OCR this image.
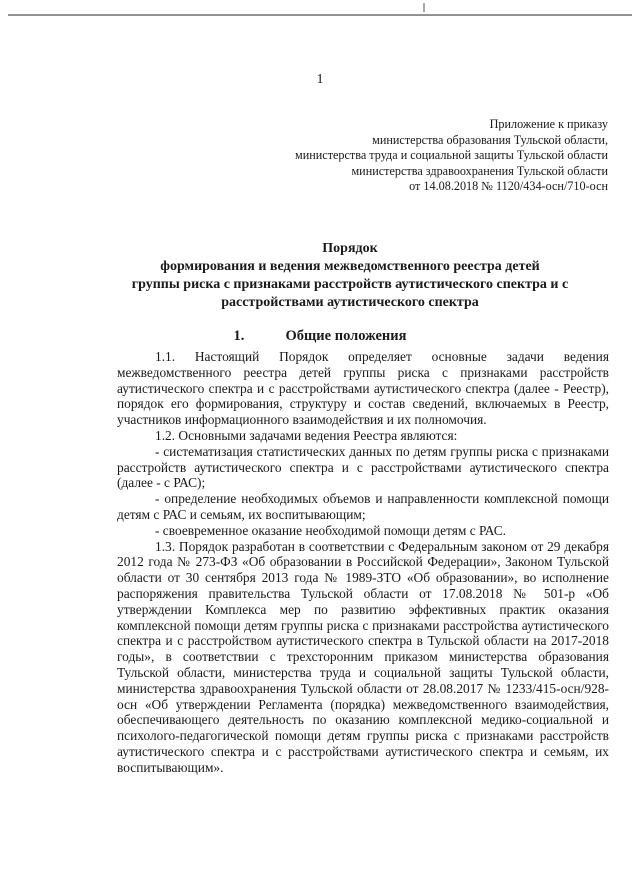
1
Приложение к приказу
министерства образования Тульской области,
министерства труда и социальной защиты Тульской области
министерства здравоохранения Тульской области
от 14.08.2018 № 1120/434-осн/710-осн
Порядок
формирования и ведения межведомственного реестра детей
группы риска с признаками расстройств аутистического спектра и с
расстройствами аутистического спектра
1.	Общие положения

1.1. Настоящий Порядок определяет основные задачи ведения межведомственного реестра детей группы риска с признаками расстройств аутистического спектра и с расстройствами аутистического спектра (далее - Реестр), порядок его формирования, структуру и состав сведений, включаемых в Реестр, участников информационного взаимодействия и их полномочия.

1.2. Основными задачами ведения Реестра являются:

- систематизация статистических данных по детям группы риска с признаками расстройств аутистического спектра и с расстройствами аутистического спектра (далее - с РАС);

- определение необходимых объемов и направленности комплексной помощи детям с РАС и семьям, их воспитывающим;

- своевременное оказание необходимой помощи детям с РАС.

1.3. Порядок разработан в соответствии с Федеральным законом от 29 декабря 2012 года № 273-ФЗ «Об образовании в Российской Федерации», Законом Тульской области от 30 сентября 2013 года № 1989-ЗТО «Об образовании», во исполнение распоряжения правительства Тульской области от 17.08.2018 № 501-р «Об утверждении Комплекса мер по развитию эффективных практик оказания комплексной помощи детям группы риска с признаками расстройства аутистического спектра и с расстройством аутистического спектра в Тульской области на 2017-2018 годы», в соответствии с трехсторонним приказом министерства образования Тульской области, министерства труда и социальной защиты Тульской области, министерства здравоохранения Тульской области от 28.08.2017 № 1233/415-осн/928-осн «Об утверждении Регламента (порядка) межведомственного взаимодействия, обеспечивающего деятельность по оказанию комплексной медико-социальной и психолого-педагогической помощи детям группы риска с признаками расстройств аутистического спектра и с расстройствами аутистического спектра и семьям, их воспитывающим».
